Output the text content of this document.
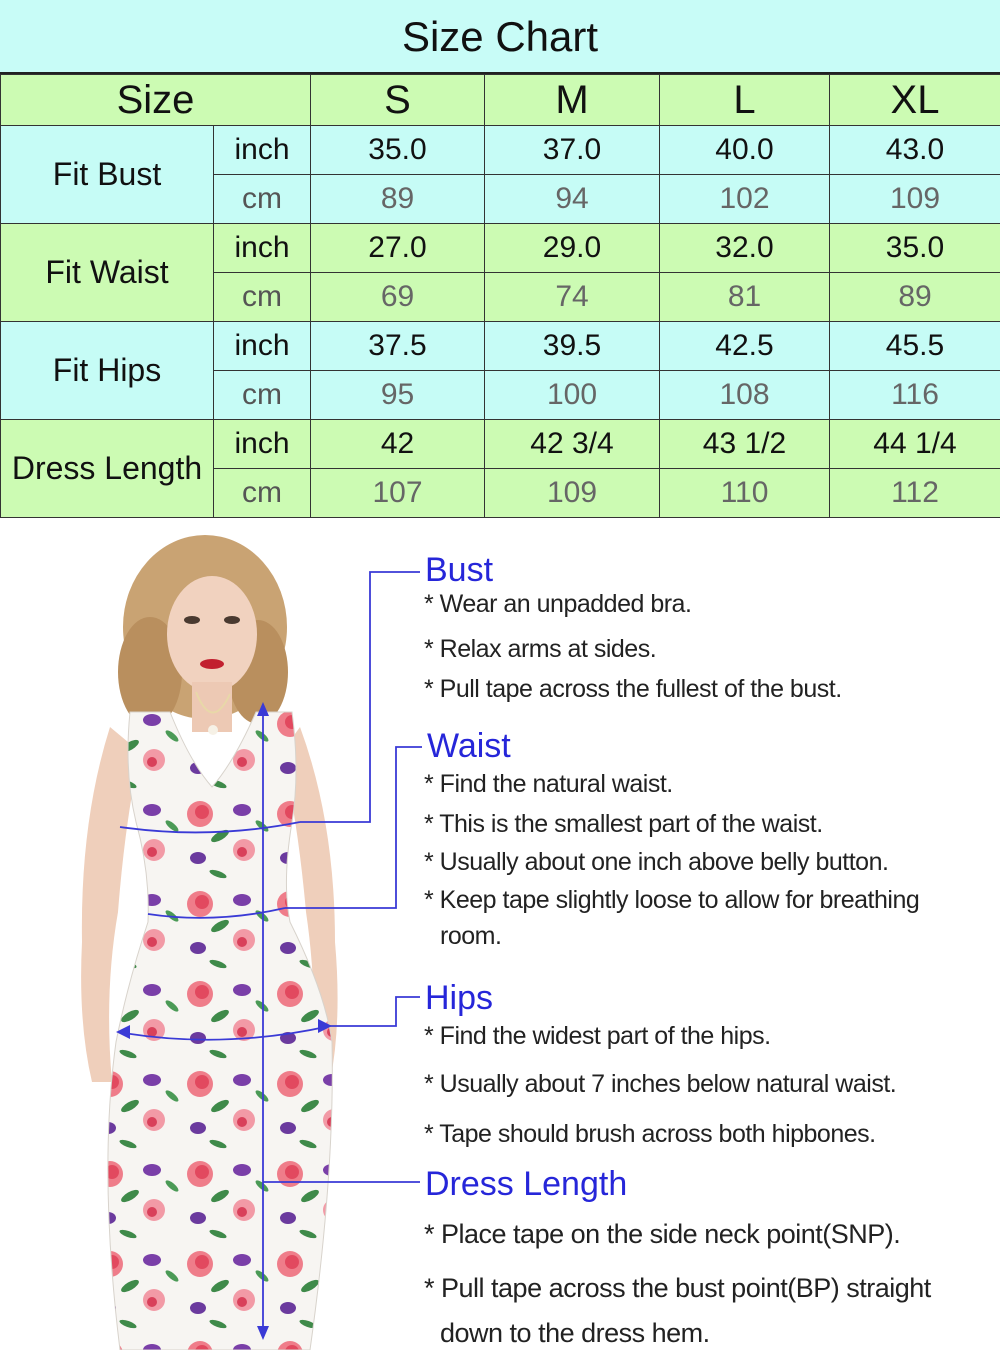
Size Chart
Size		S	M	L	XL
Fit Bust	inch	35.0	37.0	40.0	43.0
	cm	89	94	102	109
Fit Waist	inch	27.0	29.0	32.0	35.0
	cm	69	74	81	89
Fit Hips	inch	37.5	39.5	42.5	45.5
	cm	95	100	108	116
Dress Length	inch	42	42 3/4	43 1/2	44 1/4
	cm	107	109	110	112
Bust
* Wear an unpadded bra.
* Relax arms at sides.
* Pull tape across the fullest of the bust.
Waist
* Find the natural waist.
* This is the smallest part of the waist.
* Usually about one inch above belly button.
* Keep tape slightly loose to allow for breathing
room.
Hips
* Find the widest part of the hips.
* Usually about 7 inches below natural waist.
* Tape should brush across both hipbones.
Dress Length
* Place tape on the side neck point(SNP).
* Pull tape across the bust point(BP) straight
down to the dress hem.
